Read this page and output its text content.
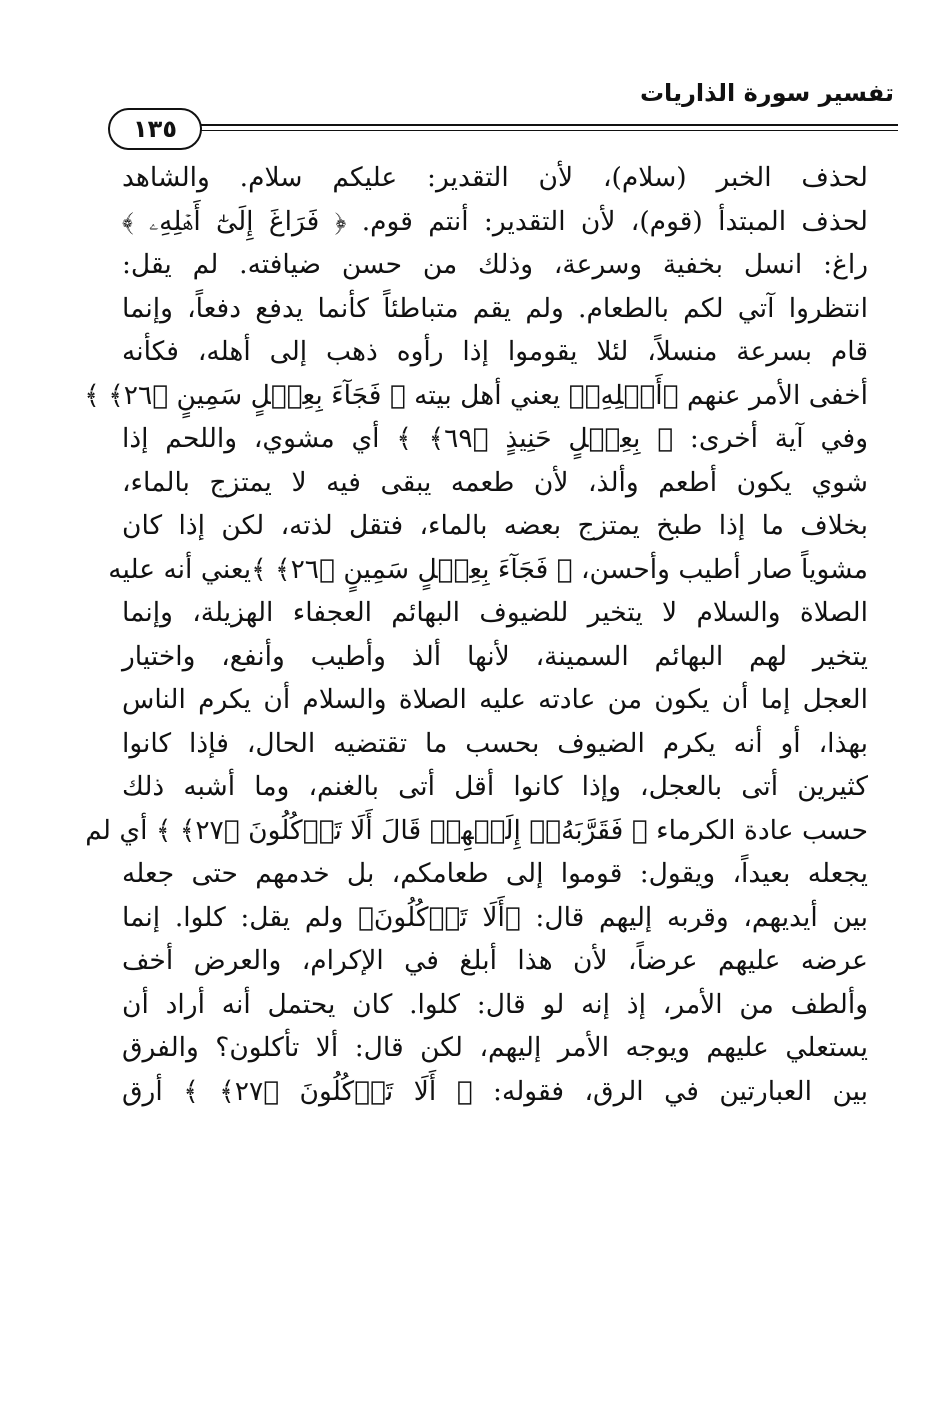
تفسير سورة الذاريات
١٣٥
لحذف الخبر (سلام)، لأن التقدير: عليكم سلام. والشاهد
لحذف المبتدأ (قوم)، لأن التقدير: أنتم قوم. ﴿ فَرَاغَ إِلَىٰٓ أَهۡلِهِۦ ﴾
راغ: انسل بخفية وسرعة، وذلك من حسن ضيافته. لم يقل:
انتظروا آتي لكم بالطعام. ولم يقم متباطئاً كأنما يدفع دفعاً، وإنما
قام بسرعة منسلاً، لئلا يقوموا إذا رأوه ذهب إلى أهله، فكأنه
أخفى الأمر عنهم ﴿أَهۡلِهِۦ﴾ يعني أهل بيته ﴿ فَجَآءَ بِعِجۡلٍ سَمِينٍ ﴿٢٦﴾ ﴾
وفي آية أخرى: ﴿ بِعِجۡلٍ حَنِيذٍ ﴿٦٩﴾ ﴾ أي مشوي، واللحم إذا
شوي يكون أطعم وألذ، لأن طعمه يبقى فيه لا يمتزج بالماء،
بخلاف ما إذا طبخ يمتزج بعضه بالماء، فتقل لذته، لكن إذا كان
مشوياً صار أطيب وأحسن، ﴿ فَجَآءَ بِعِجۡلٍ سَمِينٍ ﴿٢٦﴾ ﴾يعني أنه عليه
الصلاة والسلام لا يتخير للضيوف البهائم العجفاء الهزيلة، وإنما
يتخير لهم البهائم السمينة، لأنها ألذ وأطيب وأنفع، واختيار
العجل إما أن يكون من عادته عليه الصلاة والسلام أن يكرم الناس
بهذا، أو أنه يكرم الضيوف بحسب ما تقتضيه الحال، فإذا كانوا
كثيرين أتى بالعجل، وإذا كانوا أقل أتى بالغنم، وما أشبه ذلك
حسب عادة الكرماء ﴿ فَقَرَّبَهُۥٓ إِلَيۡهِمۡ قَالَ أَلَا تَأۡكُلُونَ ﴿٢٧﴾ ﴾ أي لم
يجعله بعيداً، ويقول: قوموا إلى طعامكم، بل خدمهم حتى جعله
بين أيديهم، وقربه إليهم قال: ﴿أَلَا تَأۡكُلُونَ﴾ ولم يقل: كلوا. إنما
عرضه عليهم عرضاً، لأن هذا أبلغ في الإكرام، والعرض أخف
وألطف من الأمر، إذ إنه لو قال: كلوا. كان يحتمل أنه أراد أن
يستعلي عليهم ويوجه الأمر إليهم، لكن قال: ألا تأكلون؟ والفرق
بين العبارتين في الرق، فقوله: ﴿ أَلَا تَأۡكُلُونَ ﴿٢٧﴾ ﴾ أرق
